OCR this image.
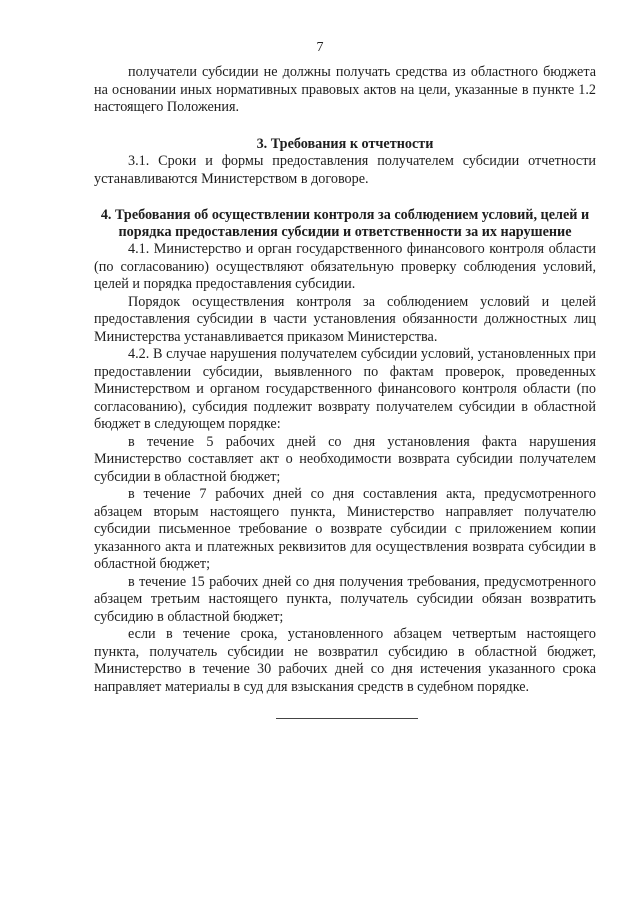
7

получатели субсидии не должны получать средства из областного бюджета на основании иных нормативных правовых актов на цели, указанные в пункте 1.2 настоящего Положения.

3. Требования к отчетности

3.1. Сроки и формы предоставления получателем субсидии отчетности устанавливаются Министерством в договоре.

4. Требования об осуществлении контроля за соблюдением условий, целей и порядка предоставления субсидии и ответственности за их нарушение

4.1. Министерство и орган государственного финансового контроля области (по согласованию) осуществляют обязательную проверку соблюдения условий, целей и порядка предоставления субсидии.

Порядок осуществления контроля за соблюдением условий и целей предоставления субсидии в части установления обязанности должностных лиц Министерства устанавливается приказом Министерства.

4.2. В случае нарушения получателем субсидии условий, установленных при предоставлении субсидии, выявленного по фактам проверок, проведенных Министерством и органом государственного финансового контроля области (по согласованию), субсидия подлежит возврату получателем субсидии в областной бюджет в следующем порядке:

в течение 5 рабочих дней со дня установления факта нарушения Министерство составляет акт о необходимости возврата субсидии получателем субсидии в областной бюджет;

в течение 7 рабочих дней со дня составления акта, предусмотренного абзацем вторым настоящего пункта, Министерство направляет получателю субсидии письменное требование о возврате субсидии с приложением копии указанного акта и платежных реквизитов для осуществления возврата субсидии в областной бюджет;

в течение 15 рабочих дней со дня получения требования, предусмотренного абзацем третьим настоящего пункта, получатель субсидии обязан возвратить субсидию в областной бюджет;

если в течение срока, установленного абзацем четвертым настоящего пункта, получатель субсидии не возвратил субсидию в областной бюджет, Министерство в течение 30 рабочих дней со дня истечения указанного срока направляет материалы в суд для взыскания средств в судебном порядке.
